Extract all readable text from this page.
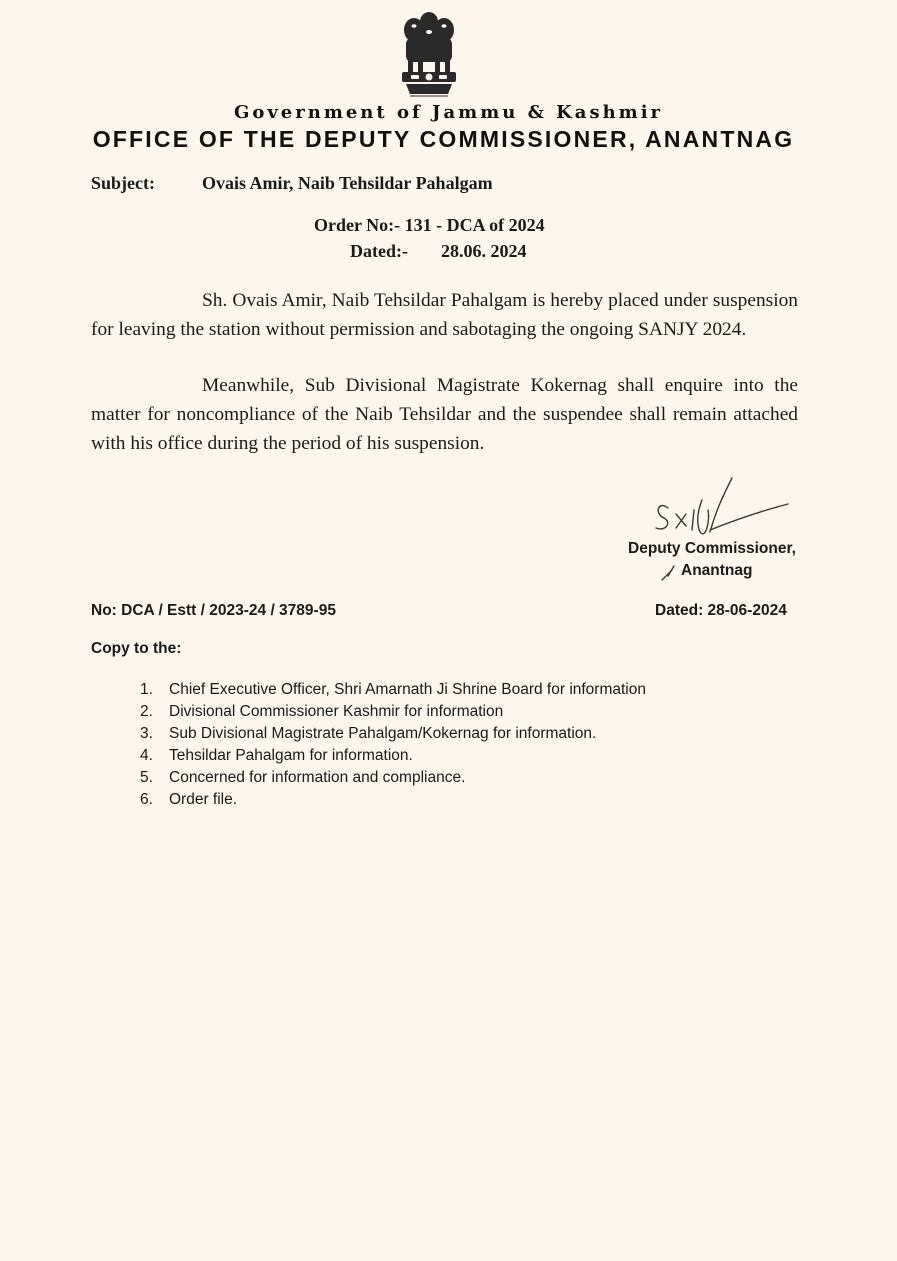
Government of Jammu & Kashmir
OFFICE OF THE DEPUTY COMMISSIONER, ANANTNAG
Subject:	Ovais Amir, Naib Tehsildar Pahalgam
Order No:- 131 - DCA of 2024
Dated:- 28.06. 2024

Sh. Ovais Amir, Naib Tehsildar Pahalgam is hereby placed under suspension for leaving the station without permission and sabotaging the ongoing SANJY 2024.

Meanwhile, Sub Divisional Magistrate Kokernag shall enquire into the matter for noncompliance of the Naib Tehsildar and the suspendee shall remain attached with his office during the period of his suspension.

Deputy Commissioner,
Anantnag
No: DCA / Estt / 2023-24 / 3789-95	Dated: 28-06-2024
Copy to the:
1. Chief Executive Officer, Shri Amarnath Ji Shrine Board for information
2. Divisional Commissioner Kashmir for information
3. Sub Divisional Magistrate Pahalgam/Kokernag for information.
4. Tehsildar Pahalgam for information.
5. Concerned for information and compliance.
6. Order file.
